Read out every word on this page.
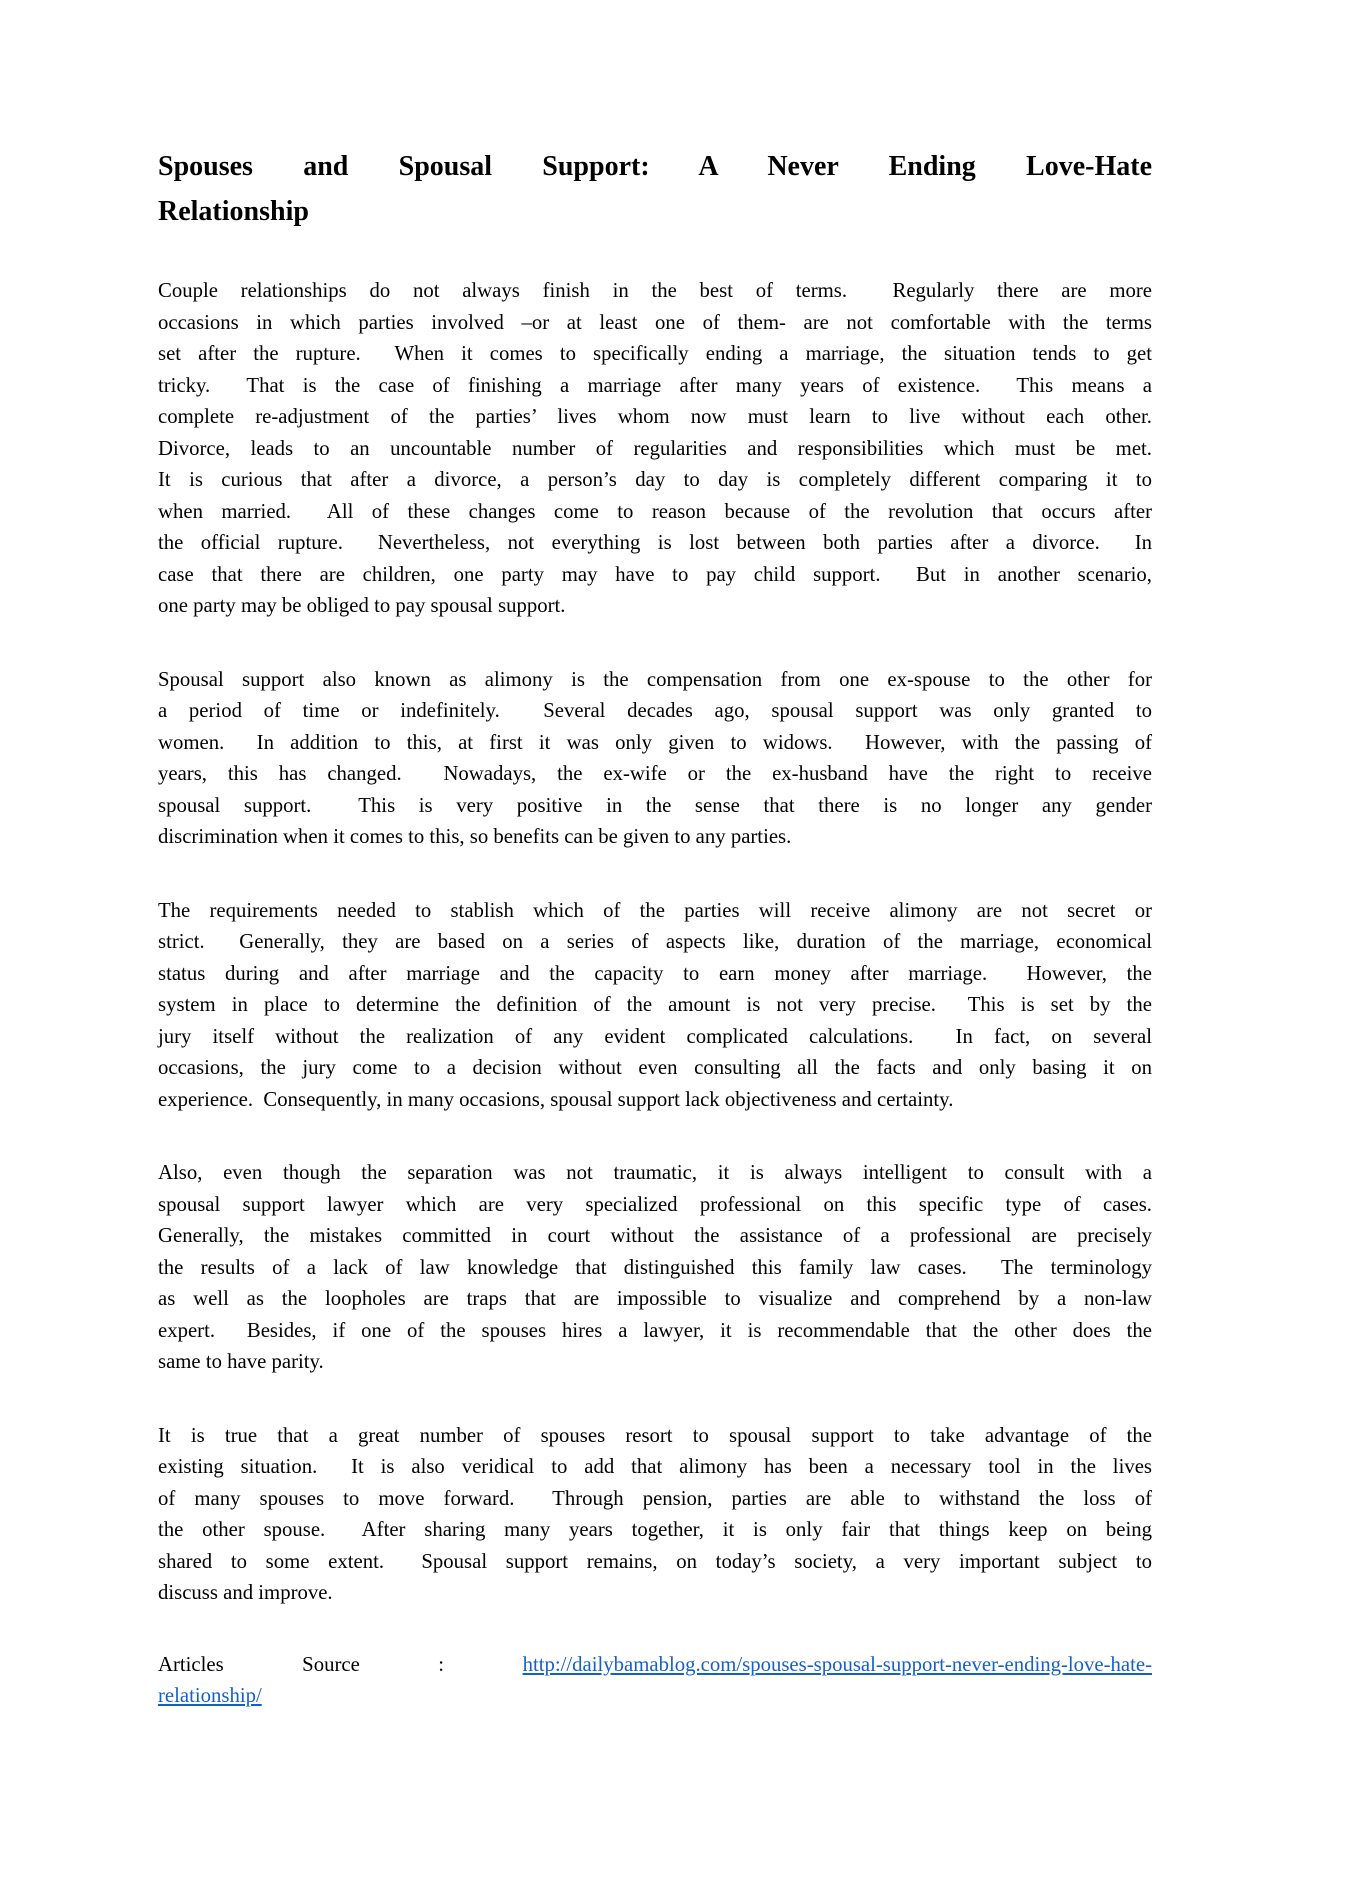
Spouses and Spousal Support: A Never Ending Love-Hate
Relationship

Couple relationships do not always finish in the best of terms.  Regularly there are more
occasions in which parties involved –or at least one of them- are not comfortable with the terms
set after the rupture.  When it comes to specifically ending a marriage, the situation tends to get
tricky.  That is the case of finishing a marriage after many years of existence.  This means a
complete re-adjustment of the parties’ lives whom now must learn to live without each other.
Divorce, leads to an uncountable number of regularities and responsibilities which must be met.
It is curious that after a divorce, a person’s day to day is completely different comparing it to
when married.  All of these changes come to reason because of the revolution that occurs after
the official rupture.  Nevertheless, not everything is lost between both parties after a divorce.  In
case that there are children, one party may have to pay child support.  But in another scenario,
one party may be obliged to pay spousal support.

Spousal support also known as alimony is the compensation from one ex-spouse to the other for
a period of time or indefinitely.  Several decades ago, spousal support was only granted to
women.  In addition to this, at first it was only given to widows.  However, with the passing of
years, this has changed.  Nowadays, the ex-wife or the ex-husband have the right to receive
spousal support.  This is very positive in the sense that there is no longer any gender
discrimination when it comes to this, so benefits can be given to any parties.

The requirements needed to stablish which of the parties will receive alimony are not secret or
strict.  Generally, they are based on a series of aspects like, duration of the marriage, economical
status during and after marriage and the capacity to earn money after marriage.  However, the
system in place to determine the definition of the amount is not very precise.  This is set by the
jury itself without the realization of any evident complicated calculations.  In fact, on several
occasions, the jury come to a decision without even consulting all the facts and only basing it on
experience.  Consequently, in many occasions, spousal support lack objectiveness and certainty.

Also, even though the separation was not traumatic, it is always intelligent to consult with a
spousal support lawyer which are very specialized professional on this specific type of cases.
Generally, the mistakes committed in court without the assistance of a professional are precisely
the results of a lack of law knowledge that distinguished this family law cases.  The terminology
as well as the loopholes are traps that are impossible to visualize and comprehend by a non-law
expert.  Besides, if one of the spouses hires a lawyer, it is recommendable that the other does the
same to have parity.

It is true that a great number of spouses resort to spousal support to take advantage of the
existing situation.  It is also veridical to add that alimony has been a necessary tool in the lives
of many spouses to move forward.  Through pension, parties are able to withstand the loss of
the other spouse.  After sharing many years together, it is only fair that things keep on being
shared to some extent.  Spousal support remains, on today’s society, a very important subject to
discuss and improve.

Articles Source :	http://dailybamablog.com/spouses-spousal-support-never-ending-love-hate-
relationship/
